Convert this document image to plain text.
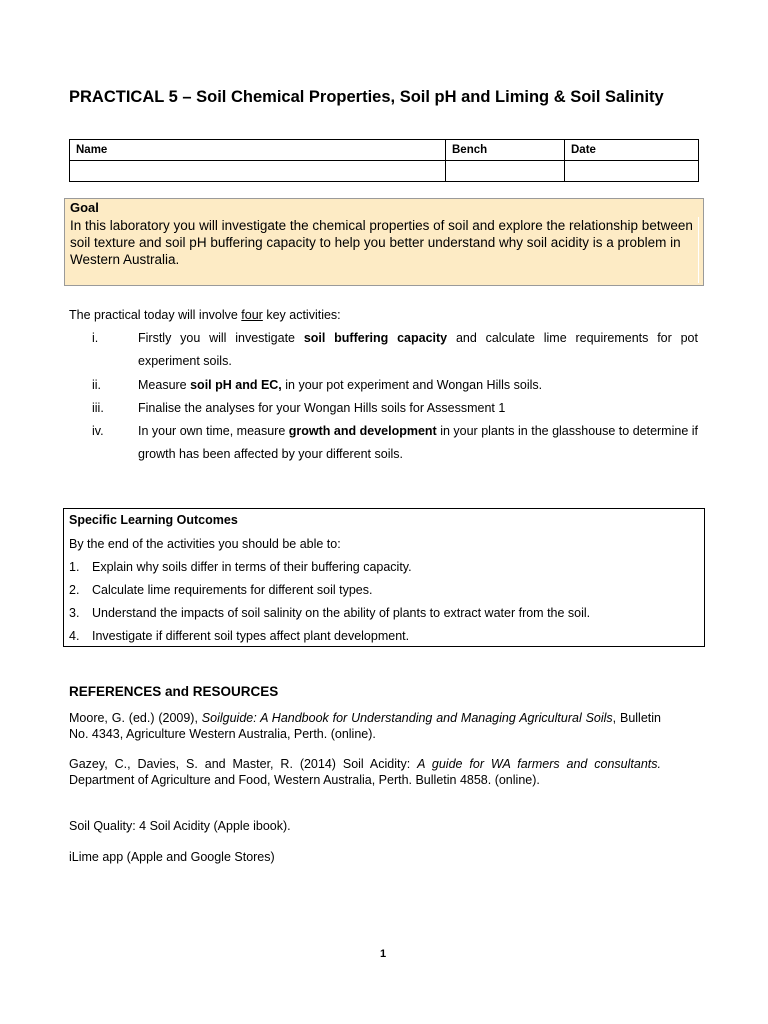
PRACTICAL 5 – Soil Chemical Properties, Soil pH and Liming & Soil Salinity
Name	Bench	Date

Goal
In this laboratory you will investigate the chemical properties of soil and explore the relationship between soil texture and soil pH buffering capacity to help you better understand why soil acidity is a problem in Western Australia.
The practical today will involve four key activities:
i.	Firstly you will investigate soil buffering capacity and calculate lime requirements for pot experiment soils.
ii.	Measure soil pH and EC, in your pot experiment and Wongan Hills soils.
iii.	Finalise the analyses for your Wongan Hills soils for Assessment 1
iv.	In your own time, measure growth and development in your plants in the glasshouse to determine if growth has been affected by your different soils.
Specific Learning Outcomes
By the end of the activities you should be able to:
1. Explain why soils differ in terms of their buffering capacity.
2. Calculate lime requirements for different soil types.
3. Understand the impacts of soil salinity on the ability of plants to extract water from the soil.
4. Investigate if different soil types affect plant development.
REFERENCES and RESOURCES
Moore, G. (ed.) (2009), Soilguide: A Handbook for Understanding and Managing Agricultural Soils, Bulletin No. 4343, Agriculture Western Australia, Perth. (online).
Gazey, C., Davies, S. and Master, R. (2014) Soil Acidity: A guide for WA farmers and consultants. Department of Agriculture and Food, Western Australia, Perth. Bulletin 4858. (online).
Soil Quality: 4 Soil Acidity (Apple ibook).
iLime app (Apple and Google Stores)
1
